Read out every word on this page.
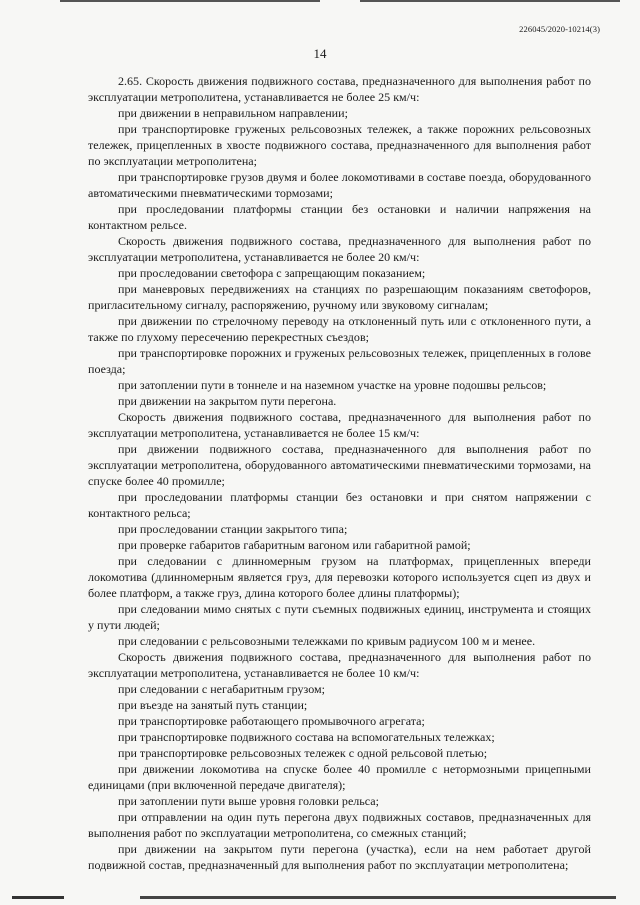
226045/2020-10214(3)
14

2.65. Скорость движения подвижного состава, предназначенного для выполнения работ по эксплуатации метрополитена, устанавливается не более 25 км/ч:

при движении в неправильном направлении;

при транспортировке груженых рельсовозных тележек, а также порожних рельсовозных тележек, прицепленных в хвосте подвижного состава, предназначенного для выполнения работ по эксплуатации метрополитена;

при транспортировке грузов двумя и более локомотивами в составе поезда, оборудованного автоматическими пневматическими тормозами;

при проследовании платформы станции без остановки и наличии напряжения на контактном рельсе.

Скорость движения подвижного состава, предназначенного для выполнения работ по эксплуатации метрополитена, устанавливается не более 20 км/ч:

при проследовании светофора с запрещающим показанием;

при маневровых передвижениях на станциях по разрешающим показаниям светофоров, пригласительному сигналу, распоряжению, ручному или звуковому сигналам;

при движении по стрелочному переводу на отклоненный путь или с отклоненного пути, а также по глухому пересечению перекрестных съездов;

при транспортировке порожних и груженых рельсовозных тележек, прицепленных в голове поезда;

при затоплении пути в тоннеле и на наземном участке на уровне подошвы рельсов;

при движении на закрытом пути перегона.

Скорость движения подвижного состава, предназначенного для выполнения работ по эксплуатации метрополитена, устанавливается не более 15 км/ч:

при движении подвижного состава, предназначенного для выполнения работ по эксплуатации метрополитена, оборудованного автоматическими пневматическими тормозами, на спуске более 40 промилле;

при проследовании платформы станции без остановки и при снятом напряжении с контактного рельса;

при проследовании станции закрытого типа;

при проверке габаритов габаритным вагоном или габаритной рамой;

при следовании с длинномерным грузом на платформах, прицепленных впереди локомотива (длинномерным является груз, для перевозки которого используется сцеп из двух и более платформ, а также груз, длина которого более длины платформы);

при следовании мимо снятых с пути съемных подвижных единиц, инструмента и стоящих у пути людей;

при следовании с рельсовозными тележками по кривым радиусом 100 м и менее.

Скорость движения подвижного состава, предназначенного для выполнения работ по эксплуатации метрополитена, устанавливается не более 10 км/ч:

при следовании с негабаритным грузом;

при въезде на занятый путь станции;

при транспортировке работающего промывочного агрегата;

при транспортировке подвижного состава на вспомогательных тележках;

при транспортировке рельсовозных тележек с одной рельсовой плетью;

при движении локомотива на спуске более 40 промилле с нетормозными прицепными единицами (при включенной передаче двигателя);

при затоплении пути выше уровня головки рельса;

при отправлении на один путь перегона двух подвижных составов, предназначенных для выполнения работ по эксплуатации метрополитена, со смежных станций;

при движении на закрытом пути перегона (участка), если на нем работает другой подвижной состав, предназначенный для выполнения работ по эксплуатации метрополитена;
